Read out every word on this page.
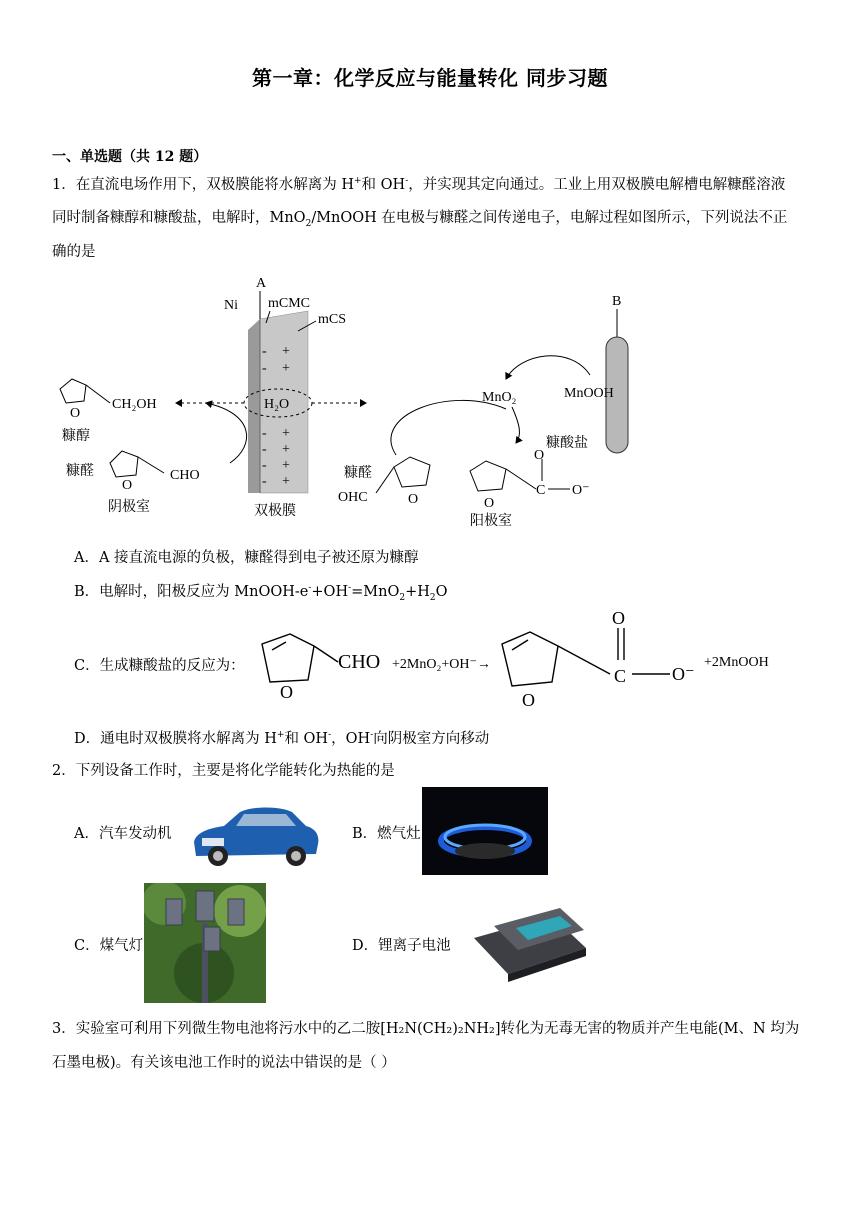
第一章：化学反应与能量转化 同步习题
一、单选题（共 12 题）
1．在直流电场作用下，双极膜能将水解离为 H+和 OH-，并实现其定向通过。工业上用双极膜电解槽电解糠醛溶液
同时制备糠醇和糠酸盐，电解时，MnO$_2$/MnOOH 在电极与糠醛之间传递电子，电解过程如图所示，下列说法不正
确的是
-
-
+
+
-
-
-
-
+
+
+
+
A
Ni mCMC
mCS
H₂O
O
CH₂OH
糠醇
糠醛
O
CHO
阴极室	双极膜
B
MnO₂	MnOOH
糠酸盐
糠醛
O
OHC
O
C O⁻
O
阳极室
A．A 接直流电源的负极，糠醛得到电子被还原为糠醇
B．电解时，阳极反应为 MnOOH-$e^-+OH^-=MnO_2+H_2O$
C．生成糠酸盐的反应为：
O
CHO +2MnO₂+OH⁻→
O
O
C	O⁻
+2MnOOH
D．通电时双极膜将水解离为 H+和 OH-，OH-向阴极室方向移动
2．下列设备工作时，主要是将化学能转化为热能的是
A．汽车发动机	B．燃气灶
C．煤气灯	D．锂离子电池
3．实验室可利用下列微生物电池将污水中的乙二胺[H₂N(CH₂)₂NH₂]转化为无毒无害的物质并产生电能(M、N 均为
石墨电极)。有关该电池工作时的说法中错误的是（ ）
